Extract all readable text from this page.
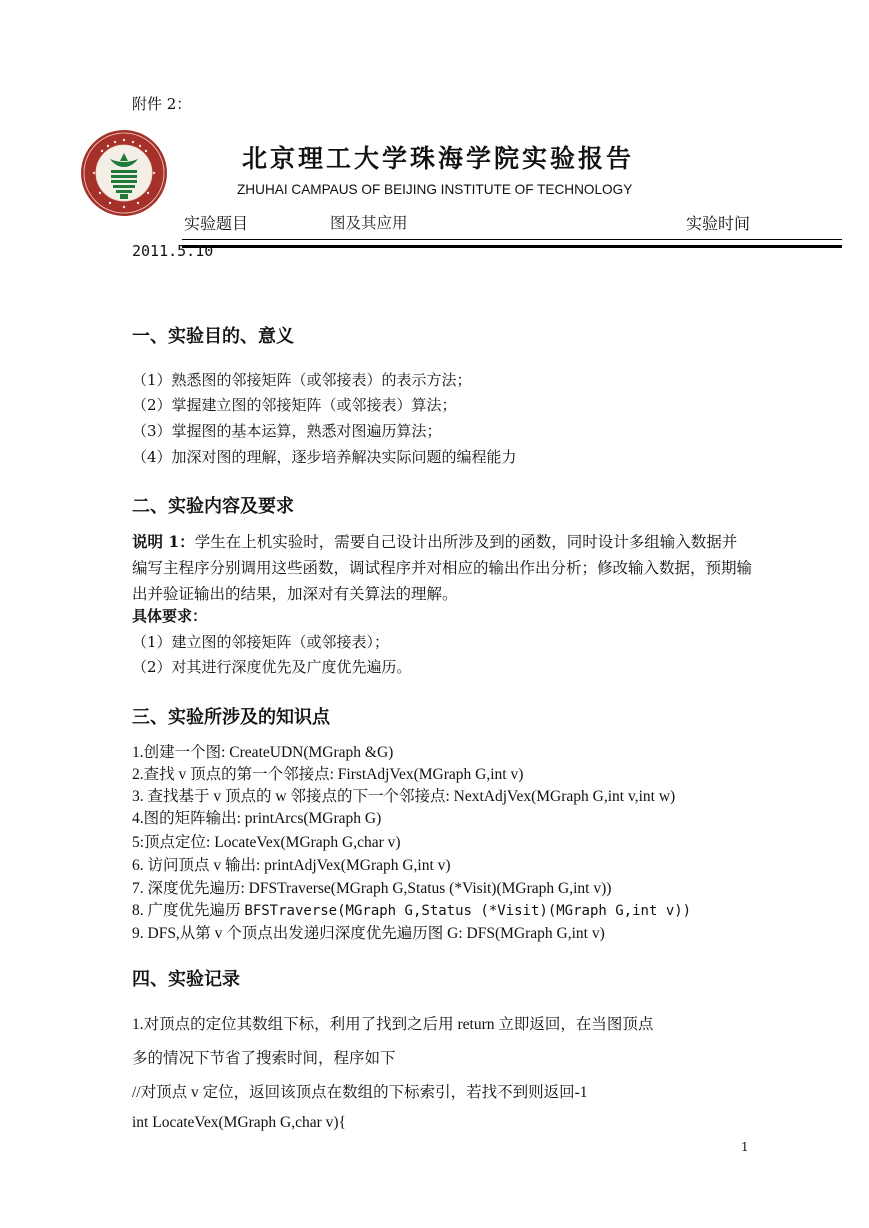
附件 2：
北京理工大学珠海学院实验报告
ZHUHAI CAMPAUS OF BEIJING INSTITUTE OF TECHNOLOGY
实验题目	图及其应用	实验时间
2011.5.10
一、实验目的、意义
（1）熟悉图的邻接矩阵（或邻接表）的表示方法；
（2）掌握建立图的邻接矩阵（或邻接表）算法；
（3）掌握图的基本运算，熟悉对图遍历算法；
（4）加深对图的理解，逐步培养解决实际问题的编程能力
二、实验内容及要求
说明 1：学生在上机实验时，需要自己设计出所涉及到的函数，同时设计多组输入数据并编写主程序分别调用这些函数，调试程序并对相应的输出作出分析；修改输入数据，预期输出并验证输出的结果，加深对有关算法的理解。
具体要求：
（1）建立图的邻接矩阵（或邻接表）；
（2）对其进行深度优先及广度优先遍历。
三、实验所涉及的知识点
1.创建一个图: CreateUDN(MGraph &G)
2.查找 v 顶点的第一个邻接点: FirstAdjVex(MGraph G,int v)
3. 查找基于 v 顶点的 w 邻接点的下一个邻接点: NextAdjVex(MGraph G,int v,int w)
4.图的矩阵输出: printArcs(MGraph G)
5:顶点定位: LocateVex(MGraph G,char v)
6. 访问顶点 v 输出: printAdjVex(MGraph G,int v)
7. 深度优先遍历: DFSTraverse(MGraph G,Status (*Visit)(MGraph G,int v))
8. 广度优先遍历 BFSTraverse(MGraph G,Status (*Visit)(MGraph G,int v))
9. DFS,从第 v 个顶点出发递归深度优先遍历图 G: DFS(MGraph G,int v)
四、实验记录
1.对顶点的定位其数组下标，利用了找到之后用 return 立即返回，在当图顶点
多的情况下节省了搜索时间，程序如下
//对顶点 v 定位，返回该顶点在数组的下标索引，若找不到则返回-1
int LocateVex(MGraph G,char v){
1
